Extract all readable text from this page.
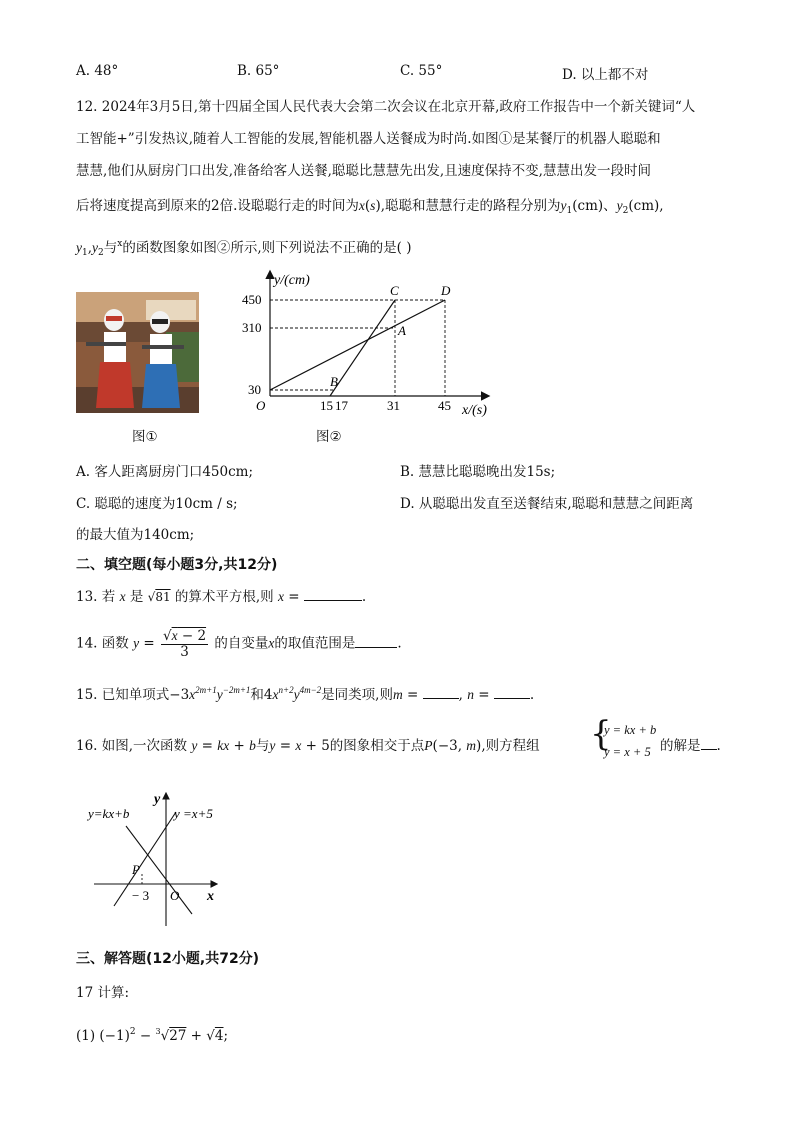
A. 48°	B. 65°	C. 55°	D. 以上都不对
12. 2024年3月5日,第十四届全国人民代表大会第二次会议在北京开幕,政府工作报告中一个新关键词“人
工智能+”引发热议,随着人工智能的发展,智能机器人送餐成为时尚.如图①是某餐厅的机器人聪聪和
慧慧,他们从厨房门口出发,准备给客人送餐,聪聪比慧慧先出发,且速度保持不变,慧慧出发一段时间
后将速度提高到原来的2倍.设聪聪行走的时间为x(s),聪聪和慧慧行走的路程分别为$y_1(cm)$、$y_2(cm)$,
$y_1,y_2$与$^x$的函数图象如图②所示,则下列说法不正确的是( )
图①
y/(cm)
x/(s)
450
310
30
O	15 17	31	45
A
B
C	D
图②
A. 客人距离厨房门口450cm;	B. 慧慧比聪聪晚出发15s;
C. 聪聪的速度为10cm / s;	D. 从聪聪出发直至送餐结束,聪聪和慧慧之间距离
的最大值为140cm;
二、填空题(每小题3分,共12分)
13. 若 x 是 √81 的算术平方根,则 x =	.
14. 函数 $y = \frac{√x - 2}{3}$ 的自变量x的取值范围是	.
15. 已知单项式$-3x^{2m+1}y^{-2m+1}$和$4x^{n+2}y^{4m-2}$是同类项,则m =	, n =	.
16. 如图,一次函数 y = kx + b与y = x + 5的图象相交于点P(−3, m),则方程组 {
y = kx + b
y = x + 5 的解是 .
y=kx+b	y =x+5
P
− 3 O x
y
三、解答题(12小题,共72分)
17 计算:
(1) $(-1)^2 - ^3√27 + √4$;
